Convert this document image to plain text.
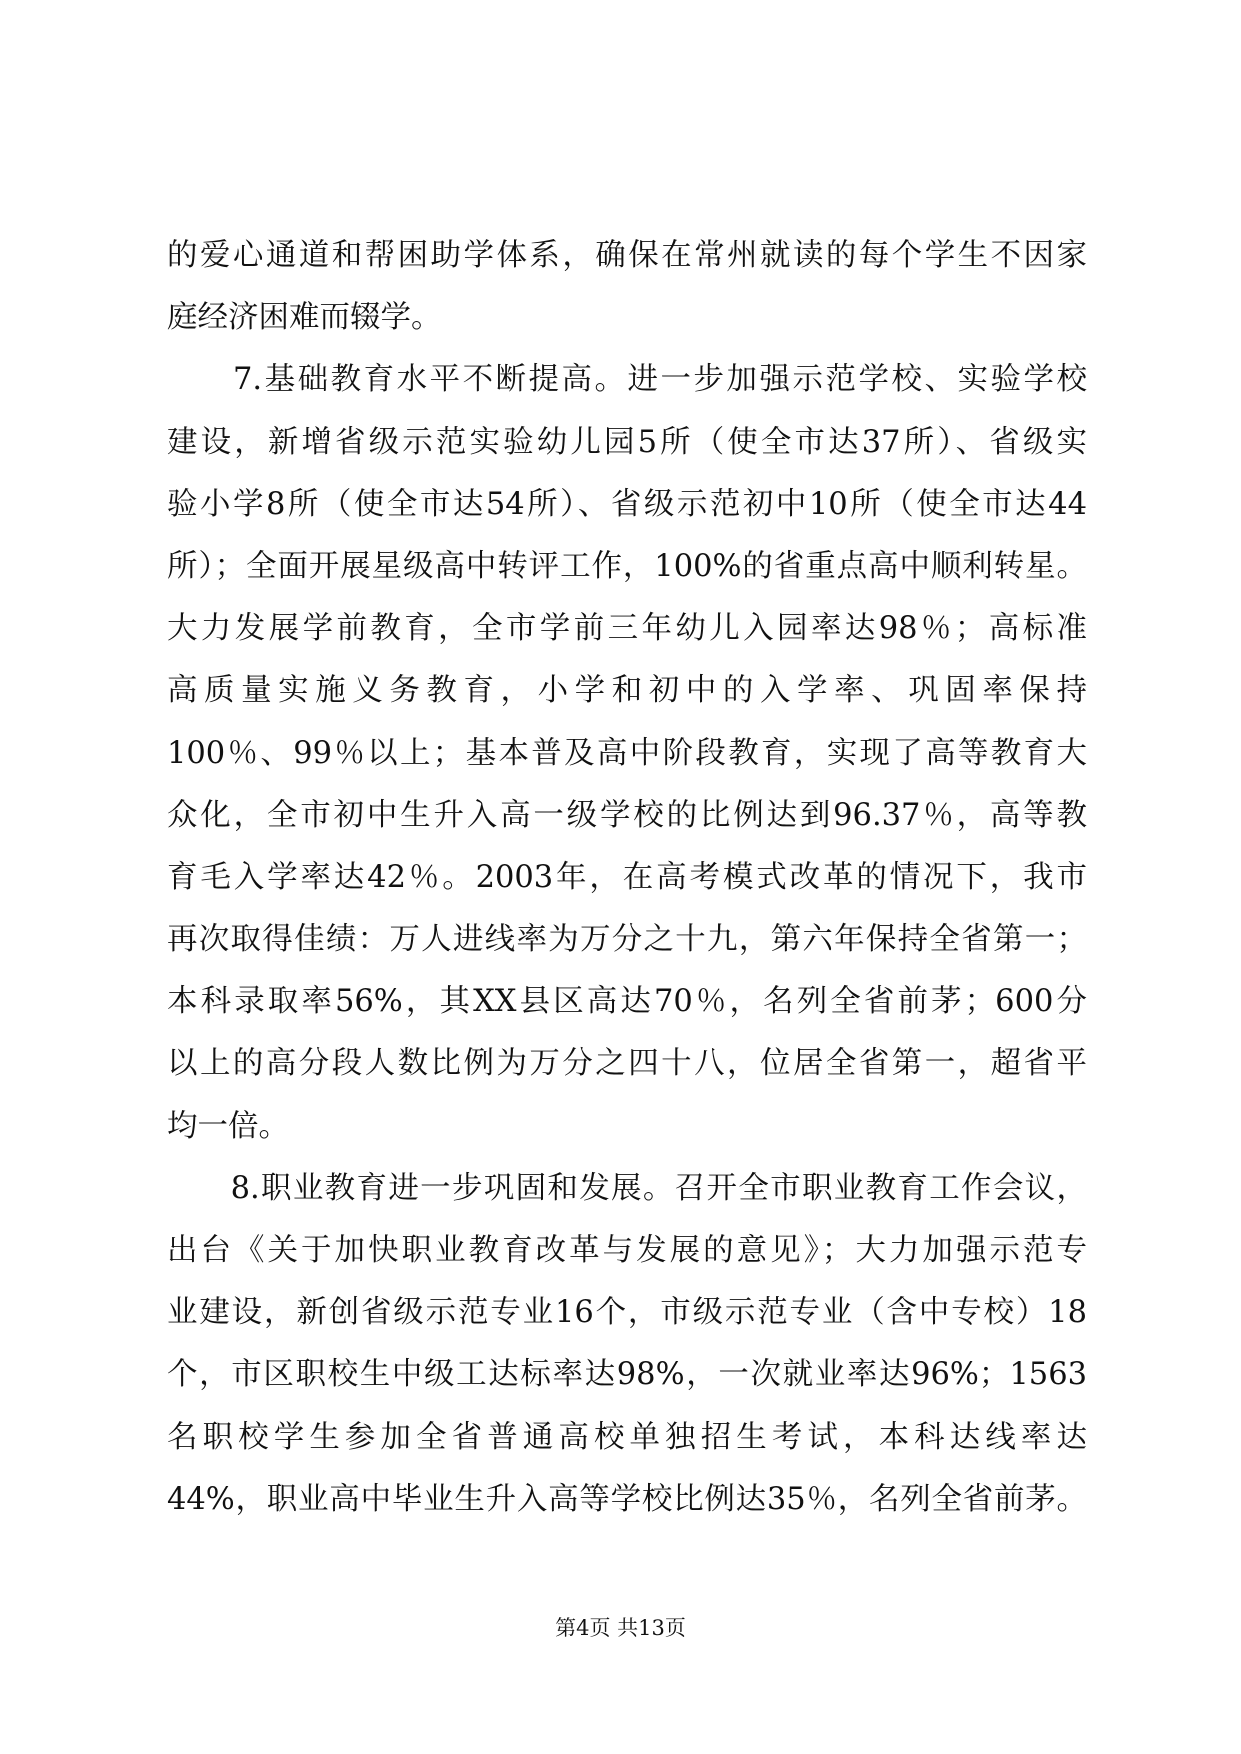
的爱心通道和帮困助学体系，确保在常州就读的每个学生不因家
庭经济困难而辍学。
　　7.基础教育水平不断提高。进一步加强示范学校、实验学校
建设，新增省级示范实验幼儿园5所（使全市达37所）、省级实
验小学8所（使全市达54所）、省级示范初中10所（使全市达44
所）；全面开展星级高中转评工作，100%的省重点高中顺利转星。
大力发展学前教育，全市学前三年幼儿入园率达98％；高标准
高质量实施义务教育，小学和初中的入学率、巩固率保持
100％、99％以上；基本普及高中阶段教育，实现了高等教育大
众化，全市初中生升入高一级学校的比例达到96.37％，高等教
育毛入学率达42％。2003年，在高考模式改革的情况下，我市
再次取得佳绩：万人进线率为万分之十九，第六年保持全省第一；
本科录取率56%，其XX县区高达70％，名列全省前茅；600分
以上的高分段人数比例为万分之四十八，位居全省第一，超省平
均一倍。
　　8.职业教育进一步巩固和发展。召开全市职业教育工作会议，
出台《关于加快职业教育改革与发展的意见》；大力加强示范专
业建设，新创省级示范专业16个，市级示范专业（含中专校）18
个，市区职校生中级工达标率达98%，一次就业率达96%；1563
名职校学生参加全省普通高校单独招生考试，本科达线率达
44%，职业高中毕业生升入高等学校比例达35％，名列全省前茅。
第4页 共13页
